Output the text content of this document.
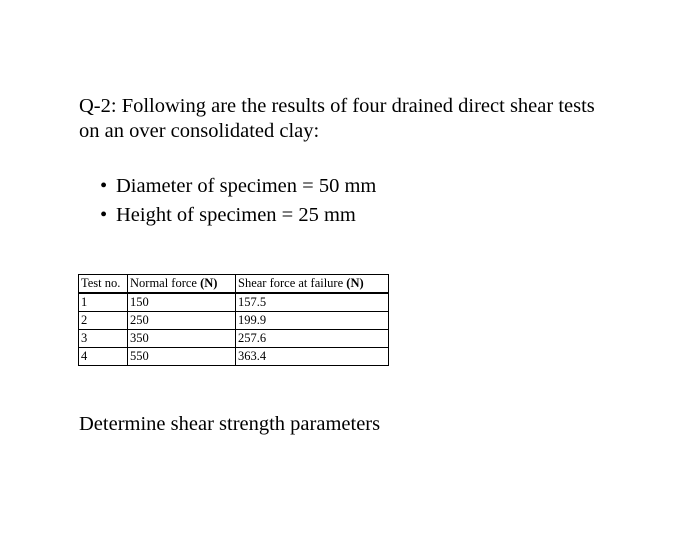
Q-2: Following are the results of four drained direct shear tests
on an over consolidated clay:

• Diameter of specimen = 50 mm
• Height of specimen = 25 mm
Test no.	Normal force (N)	Shear force at failure (N)
1	150	157.5
2	250	199.9
3	350	257.6
4	550	363.4

Determine shear strength parameters
